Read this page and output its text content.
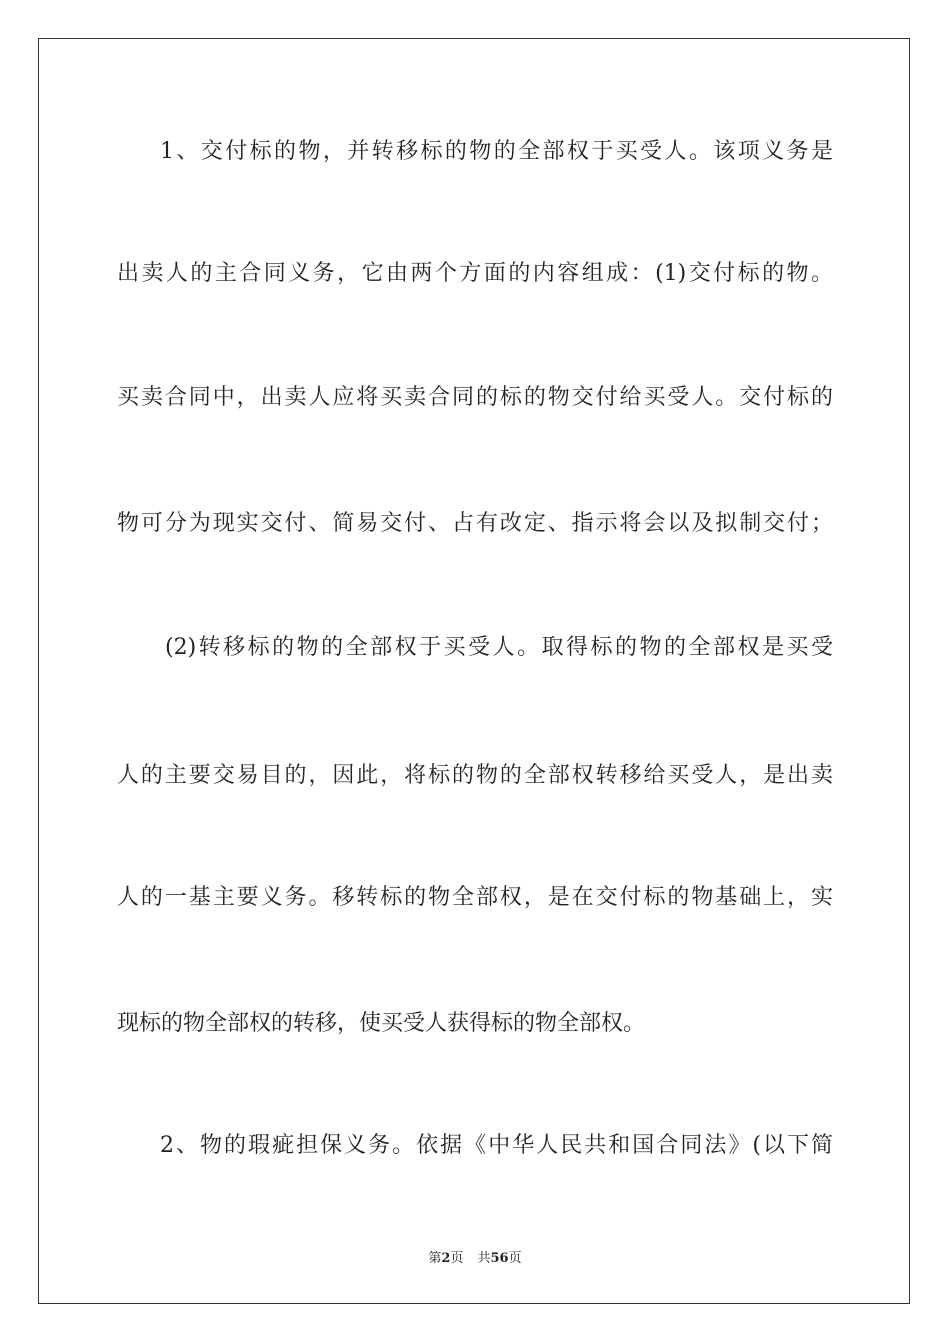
1、交付标的物，并转移标的物的全部权于买受人。该项义务是
出卖人的主合同义务，它由两个方面的内容组成：(1)交付标的物。
买卖合同中，出卖人应将买卖合同的标的物交付给买受人。交付标的
物可分为现实交付、简易交付、占有改定、指示将会以及拟制交付；
(2)转移标的物的全部权于买受人。取得标的物的全部权是买受
人的主要交易目的，因此，将标的物的全部权转移给买受人，是出卖
人的一基主要义务。移转标的物全部权，是在交付标的物基础上，实
现标的物全部权的转移，使买受人获得标的物全部权。
2、物的瑕疵担保义务。依据《中华人民共和国合同法》(以下简
第2页 共56页
